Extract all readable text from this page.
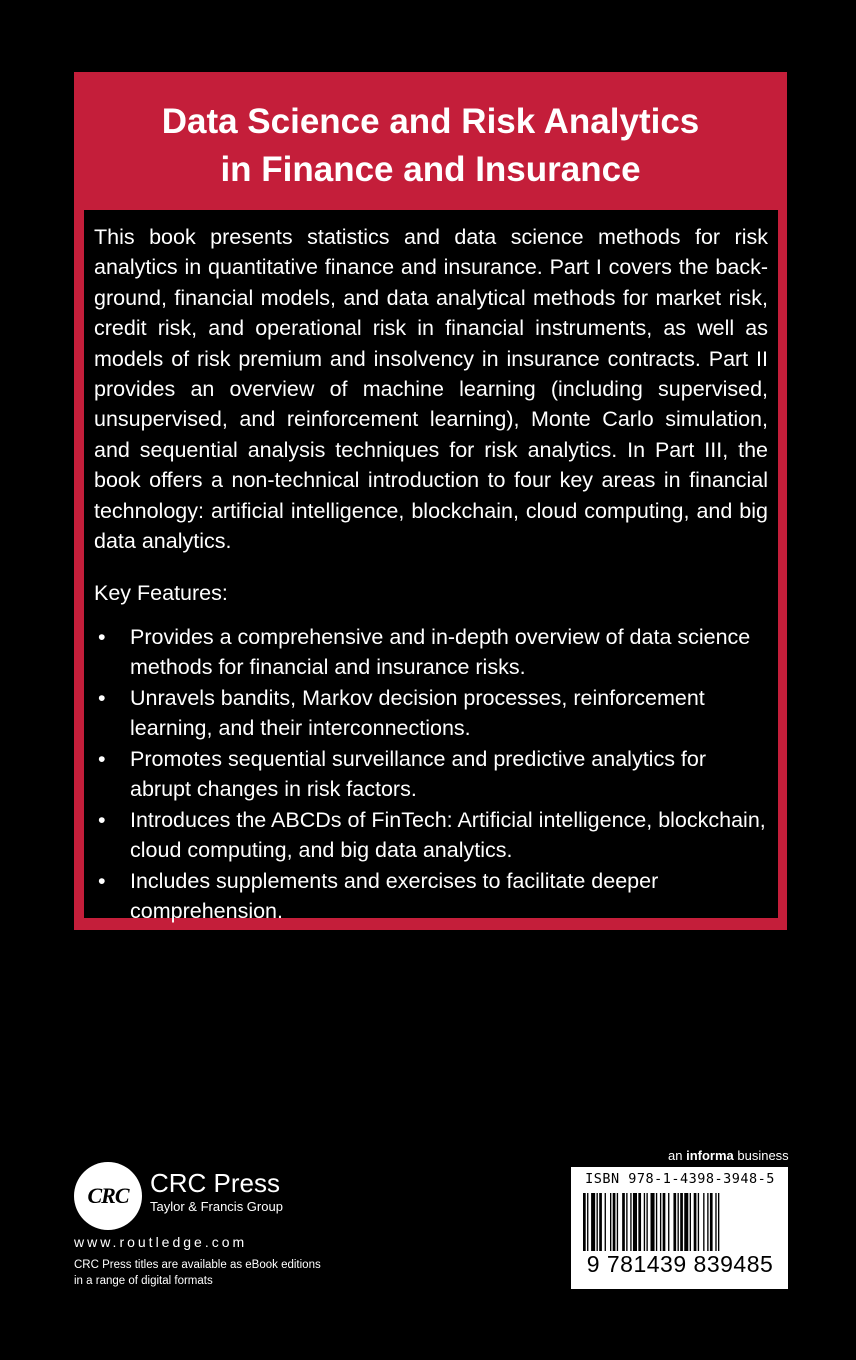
Data Science and Risk Analytics
in Finance and Insurance

This book presents statistics and data science methods for risk analytics in quantitative finance and insurance. Part I covers the back-ground, financial models, and data analytical methods for market risk, credit risk, and operational risk in financial instruments, as well as models of risk premium and insolvency in insurance contracts. Part II provides an overview of machine learning (including supervised, unsupervised, and reinforcement learning), Monte Carlo simulation, and sequential analysis techniques for risk analytics. In Part III, the book offers a non-technical introduction to four key areas in financial technology: artificial intelligence, blockchain, cloud computing, and big data analytics.

Key Features:

• Provides a comprehensive and in-depth overview of data science methods for financial and insurance risks.
• Unravels bandits, Markov decision processes, reinforcement learning, and their interconnections.
• Promotes sequential surveillance and predictive analytics for abrupt changes in risk factors.
• Introduces the ABCDs of FinTech: Artificial intelligence, blockchain, cloud computing, and big data analytics.
• Includes supplements and exercises to facilitate deeper comprehension.
CRC CRC Press
Taylor & Francis Group
www.routledge.com
CRC Press titles are available as eBook editions
in a range of digital formats
an informa business
ISBN 978-1-4398-3948-5
9 781439 839485
